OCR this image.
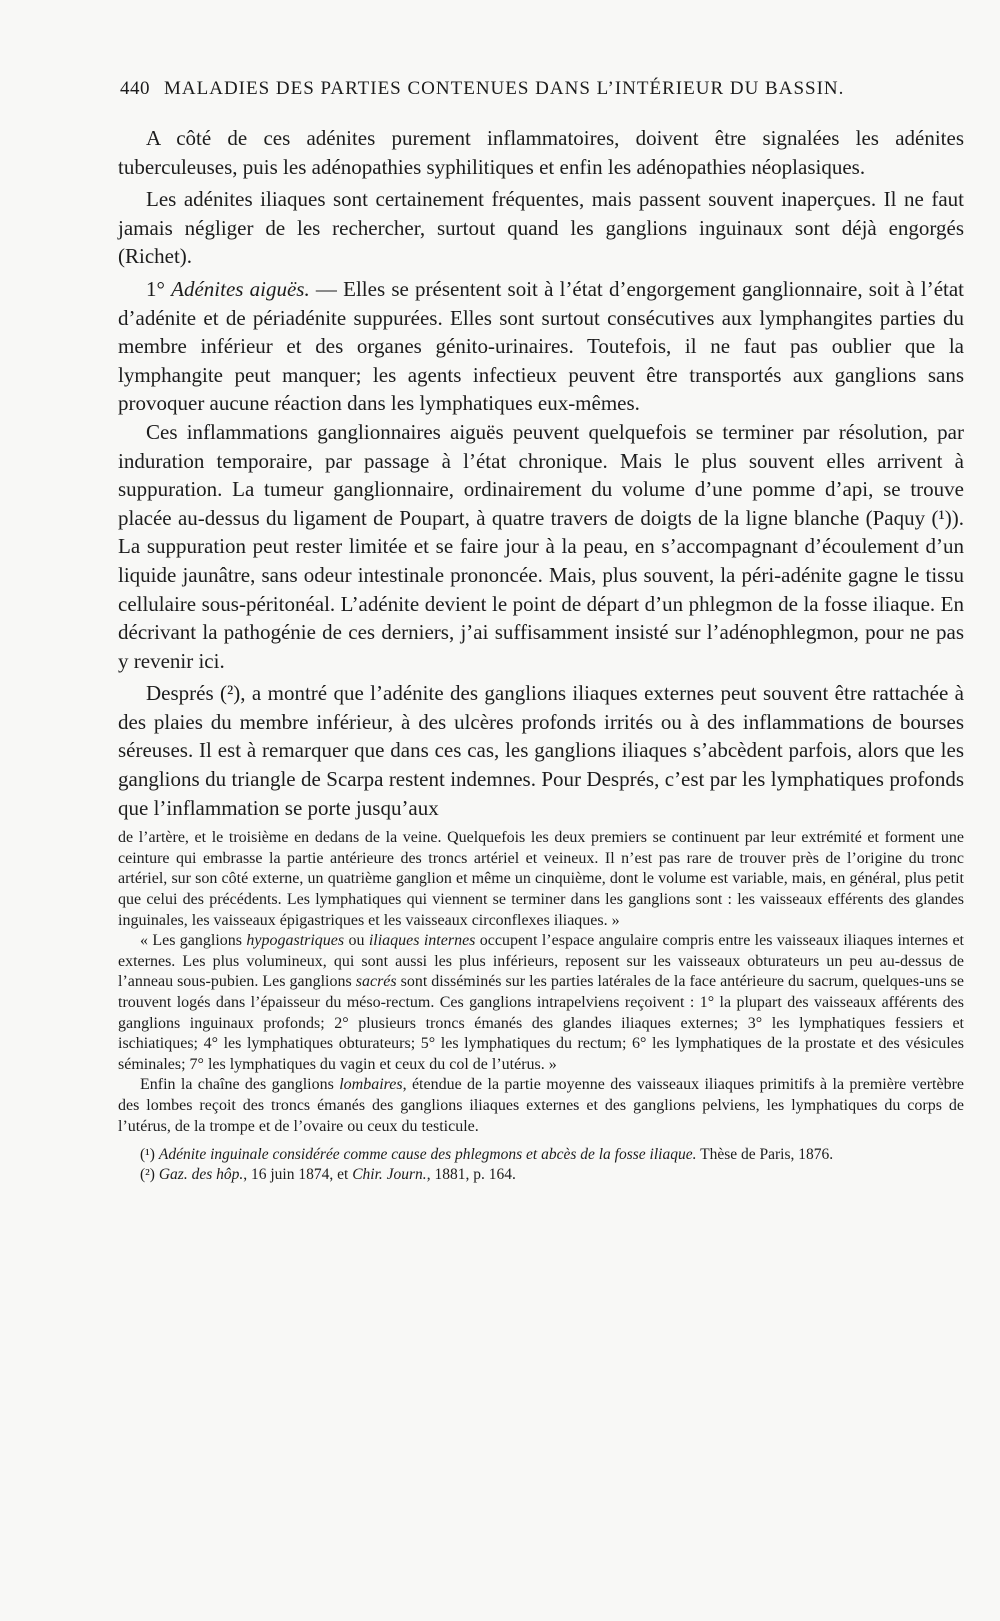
440 MALADIES DES PARTIES CONTENUES DANS L’INTÉRIEUR DU BASSIN.

A côté de ces adénites purement inflammatoires, doivent être signalées les adénites tuberculeuses, puis les adénopathies syphilitiques et enfin les adénopathies néoplasiques.

Les adénites iliaques sont certainement fréquentes, mais passent souvent inaperçues. Il ne faut jamais négliger de les rechercher, surtout quand les ganglions inguinaux sont déjà engorgés (Richet).

1° Adénites aiguës. — Elles se présentent soit à l’état d’engorgement ganglionnaire, soit à l’état d’adénite et de périadénite suppurées. Elles sont surtout consécutives aux lymphangites parties du membre inférieur et des organes génito-urinaires. Toutefois, il ne faut pas oublier que la lymphangite peut manquer; les agents infectieux peuvent être transportés aux ganglions sans provoquer aucune réaction dans les lymphatiques eux-mêmes.

Ces inflammations ganglionnaires aiguës peuvent quelquefois se terminer par résolution, par induration temporaire, par passage à l’état chronique. Mais le plus souvent elles arrivent à suppuration. La tumeur ganglionnaire, ordinairement du volume d’une pomme d’api, se trouve placée au-dessus du ligament de Poupart, à quatre travers de doigts de la ligne blanche (Paquy (¹)). La suppuration peut rester limitée et se faire jour à la peau, en s’accompagnant d’écoulement d’un liquide jaunâtre, sans odeur intestinale prononcée. Mais, plus souvent, la péri-adénite gagne le tissu cellulaire sous-péritonéal. L’adénite devient le point de départ d’un phlegmon de la fosse iliaque. En décrivant la pathogénie de ces derniers, j’ai suffisamment insisté sur l’adénophlegmon, pour ne pas y revenir ici.

Després (²), a montré que l’adénite des ganglions iliaques externes peut souvent être rattachée à des plaies du membre inférieur, à des ulcères profonds irrités ou à des inflammations de bourses séreuses. Il est à remarquer que dans ces cas, les ganglions iliaques s’abcèdent parfois, alors que les ganglions du triangle de Scarpa restent indemnes. Pour Després, c’est par les lymphatiques profonds que l’inflammation se porte jusqu’aux

de l’artère, et le troisième en dedans de la veine. Quelquefois les deux premiers se continuent par leur extrémité et forment une ceinture qui embrasse la partie antérieure des troncs artériel et veineux. Il n’est pas rare de trouver près de l’origine du tronc artériel, sur son côté externe, un quatrième ganglion et même un cinquième, dont le volume est variable, mais, en général, plus petit que celui des précédents. Les lymphatiques qui viennent se terminer dans les ganglions sont : les vaisseaux efférents des glandes inguinales, les vaisseaux épigastriques et les vaisseaux circonflexes iliaques. »

« Les ganglions hypogastriques ou iliaques internes occupent l’espace angulaire compris entre les vaisseaux iliaques internes et externes. Les plus volumineux, qui sont aussi les plus inférieurs, reposent sur les vaisseaux obturateurs un peu au-dessus de l’anneau sous-pubien. Les ganglions sacrés sont disséminés sur les parties latérales de la face antérieure du sacrum, quelques-uns se trouvent logés dans l’épaisseur du méso-rectum. Ces ganglions intrapelviens reçoivent : 1° la plupart des vaisseaux afférents des ganglions inguinaux profonds; 2° plusieurs troncs émanés des glandes iliaques externes; 3° les lymphatiques fessiers et ischiatiques; 4° les lymphatiques obturateurs; 5° les lymphatiques du rectum; 6° les lymphatiques de la prostate et des vésicules séminales; 7° les lymphatiques du vagin et ceux du col de l’utérus. »

Enfin la chaîne des ganglions lombaires, étendue de la partie moyenne des vaisseaux iliaques primitifs à la première vertèbre des lombes reçoit des troncs émanés des ganglions iliaques externes et des ganglions pelviens, les lymphatiques du corps de l’utérus, de la trompe et de l’ovaire ou ceux du testicule.

(¹) Adénite inguinale considérée comme cause des phlegmons et abcès de la fosse iliaque. Thèse de Paris, 1876.

(²) Gaz. des hôp., 16 juin 1874, et Chir. Journ., 1881, p. 164.
